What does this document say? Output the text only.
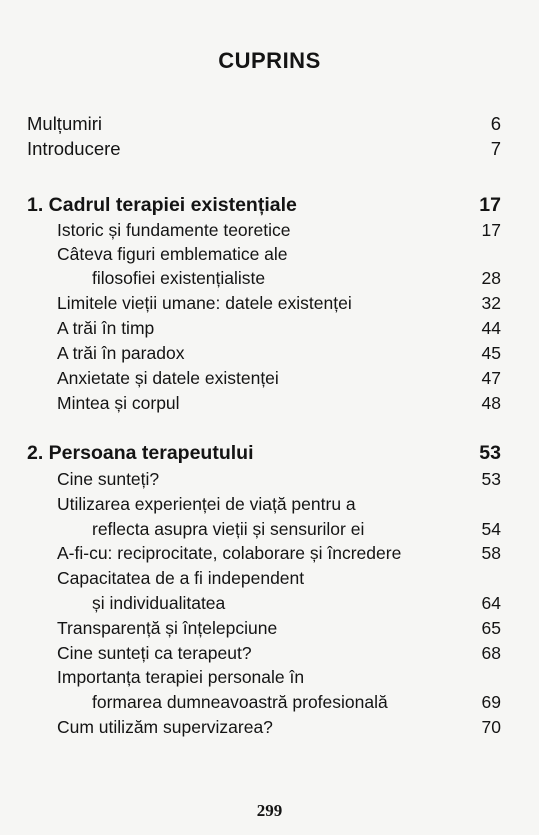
CUPRINS
Mulțumiri	6
Introducere	7
1. Cadrul terapiei existențiale	17
Istoric și fundamente teoretice	17
Câteva figuri emblematice ale
filosofiei existențialiste	28
Limitele vieții umane: datele existenței	32
A trăi în timp	44
A trăi în paradox	45
Anxietate și datele existenței	47
Mintea și corpul	48
2. Persoana terapeutului	53
Cine sunteți?	53
Utilizarea experienței de viață pentru a
reflecta asupra vieții și sensurilor ei	54
A-fi-cu: reciprocitate, colaborare și încredere	58
Capacitatea de a fi independent
și individualitatea	64
Transparență și înțelepciune	65
Cine sunteți ca terapeut?	68
Importanța terapiei personale în
formarea dumneavoastră profesională	69
Cum utilizăm supervizarea?	70
299
